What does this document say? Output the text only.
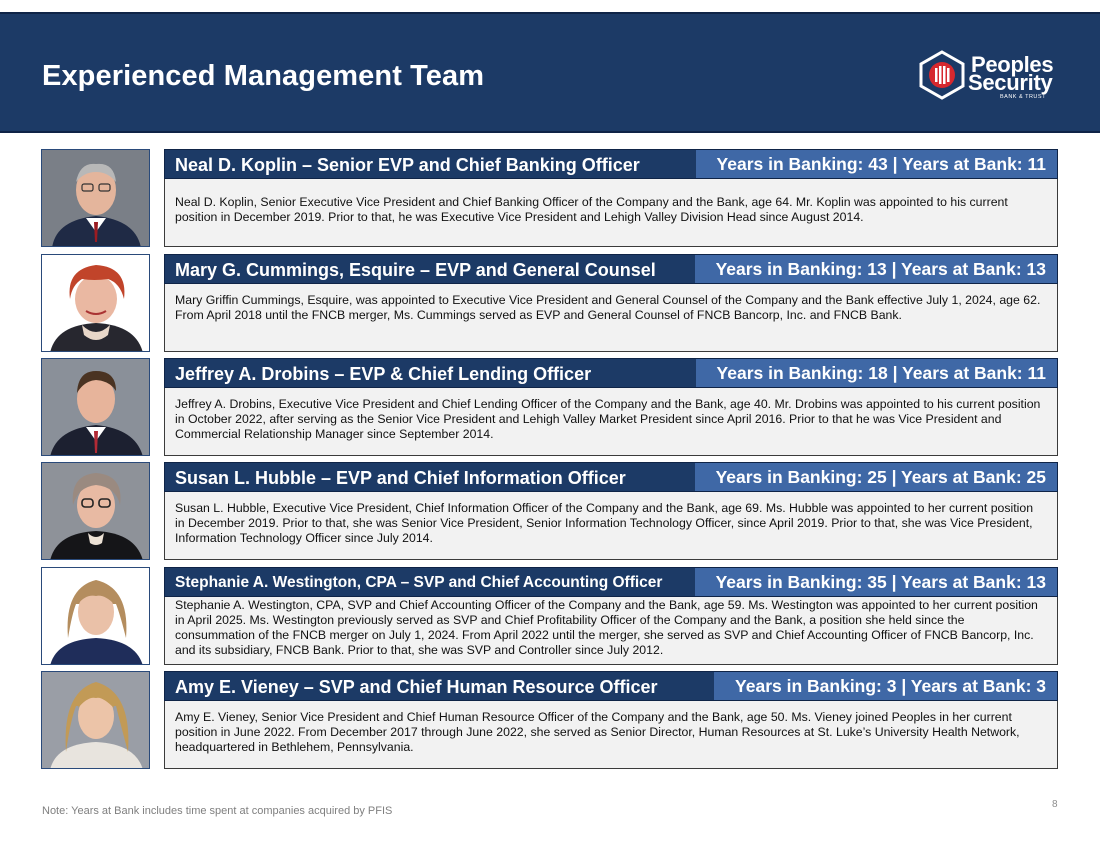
Experienced Management Team	Peoples
Security
BANK & TRUST
Neal D. Koplin – Senior EVP and Chief Banking Officer	Years in Banking: 43 | Years at Bank: 11
Neal D. Koplin, Senior Executive Vice President and Chief Banking Officer of the Company and the Bank, age 64. Mr. Koplin was appointed to his current position in December 2019. Prior to that, he was Executive Vice President and Lehigh Valley Division Head since August 2014.
Mary G. Cummings, Esquire – EVP and General Counsel	Years in Banking: 13 | Years at Bank: 13
Mary Griffin Cummings, Esquire, was appointed to Executive Vice President and General Counsel of the Company and the Bank effective July 1, 2024, age 62. From April 2018 until the FNCB merger, Ms. Cummings served as EVP and General Counsel of FNCB Bancorp, Inc. and FNCB Bank.
Jeffrey A. Drobins – EVP & Chief Lending Officer	Years in Banking: 18 | Years at Bank: 11
Jeffrey A. Drobins, Executive Vice President and Chief Lending Officer of the Company and the Bank, age 40. Mr. Drobins was appointed to his current position in October 2022, after serving as the Senior Vice President and Lehigh Valley Market President since April 2016. Prior to that he was Vice President and Commercial Relationship Manager since September 2014.
Susan L. Hubble – EVP and Chief Information Officer	Years in Banking: 25 | Years at Bank: 25
Susan L. Hubble, Executive Vice President, Chief Information Officer of the Company and the Bank, age 69. Ms. Hubble was appointed to her current position in December 2019. Prior to that, she was Senior Vice President, Senior Information Technology Officer, since April 2019. Prior to that, she was Vice President, Information Technology Officer since July 2014.
Stephanie A. Westington, CPA – SVP and Chief Accounting Officer	Years in Banking: 35 | Years at Bank: 13
Stephanie A. Westington, CPA, SVP and Chief Accounting Officer of the Company and the Bank, age 59. Ms. Westington was appointed to her current position in April 2025. Ms. Westington previously served as SVP and Chief Profitability Officer of the Company and the Bank, a position she held since the consummation of the FNCB merger on July 1, 2024. From April 2022 until the merger, she served as SVP and Chief Accounting Officer of FNCB Bancorp, Inc. and its subsidiary, FNCB Bank. Prior to that, she was SVP and Controller since July 2012.
Amy E. Vieney – SVP and Chief Human Resource Officer	Years in Banking: 3 | Years at Bank: 3
Amy E. Vieney, Senior Vice President and Chief Human Resource Officer of the Company and the Bank, age 50. Ms. Vieney joined Peoples in her current position in June 2022. From December 2017 through June 2022, she served as Senior Director, Human Resources at St. Luke’s University Health Network, headquartered in Bethlehem, Pennsylvania.
Note: Years at Bank includes time spent at companies acquired by PFIS
8
